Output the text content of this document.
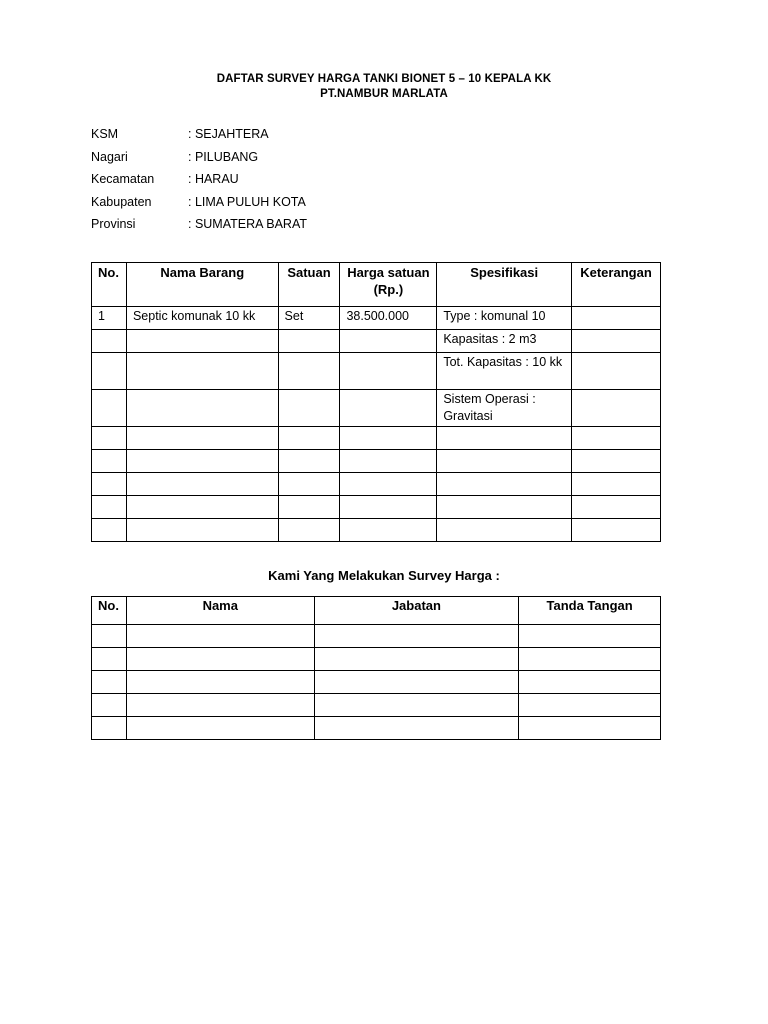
DAFTAR SURVEY HARGA TANKI BIONET 5 – 10 KEPALA KK
PT.NAMBUR MARLATA
KSM	: SEJAHTERA
Nagari	: PILUBANG
Kecamatan	: HARAU
Kabupaten	: LIMA PULUH KOTA
Provinsi	: SUMATERA BARAT
No.	Nama Barang	Satuan	Harga satuan (Rp.)	Spesifikasi	Keterangan
1	Septic komunak 10 kk	Set	38.500.000	Type : komunal 10	
				Kapasitas : 2 m3	
				Tot. Kapasitas : 10 kk	
				Sistem Operasi : Gravitasi	

Kami Yang Melakukan Survey Harga :
No.	Nama	Jabatan	Tanda Tangan
